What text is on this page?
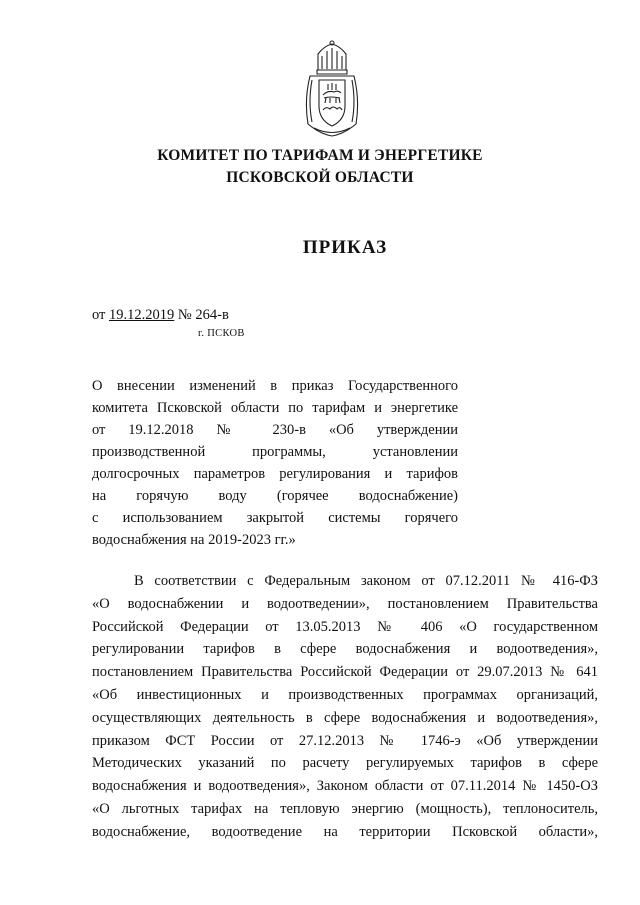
КОМИТЕТ ПО ТАРИФАМ И ЭНЕРГЕТИКЕ
ПСКОВСКОЙ ОБЛАСТИ
ПРИКАЗ
от 19.12.2019 № 264-в
г. ПСКОВ
О внесении изменений в приказ Государственного
комитета Псковской области по тарифам и энергетике
от 19.12.2018 № 230-в «Об утверждении
производственной программы, установлении
долгосрочных параметров регулирования и тарифов
на горячую воду (горячее водоснабжение)
с использованием закрытой системы горячего
водоснабжения на 2019-2023 гг.»
В соответствии с Федеральным законом от 07.12.2011 № 416-ФЗ
«О водоснабжении и водоотведении», постановлением Правительства
Российской Федерации от 13.05.2013 № 406 «О государственном
регулировании тарифов в сфере водоснабжения и водоотведения»,
постановлением Правительства Российской Федерации от 29.07.2013 № 641
«Об инвестиционных и производственных программах организаций,
осуществляющих деятельность в сфере водоснабжения и водоотведения»,
приказом ФСТ России от 27.12.2013 № 1746-э «Об утверждении
Методических указаний по расчету регулируемых тарифов в сфере
водоснабжения и водоотведения», Законом области от 07.11.2014 № 1450-ОЗ
«О льготных тарифах на тепловую энергию (мощность), теплоноситель,
водоснабжение, водоотведение на территории Псковской области»,
